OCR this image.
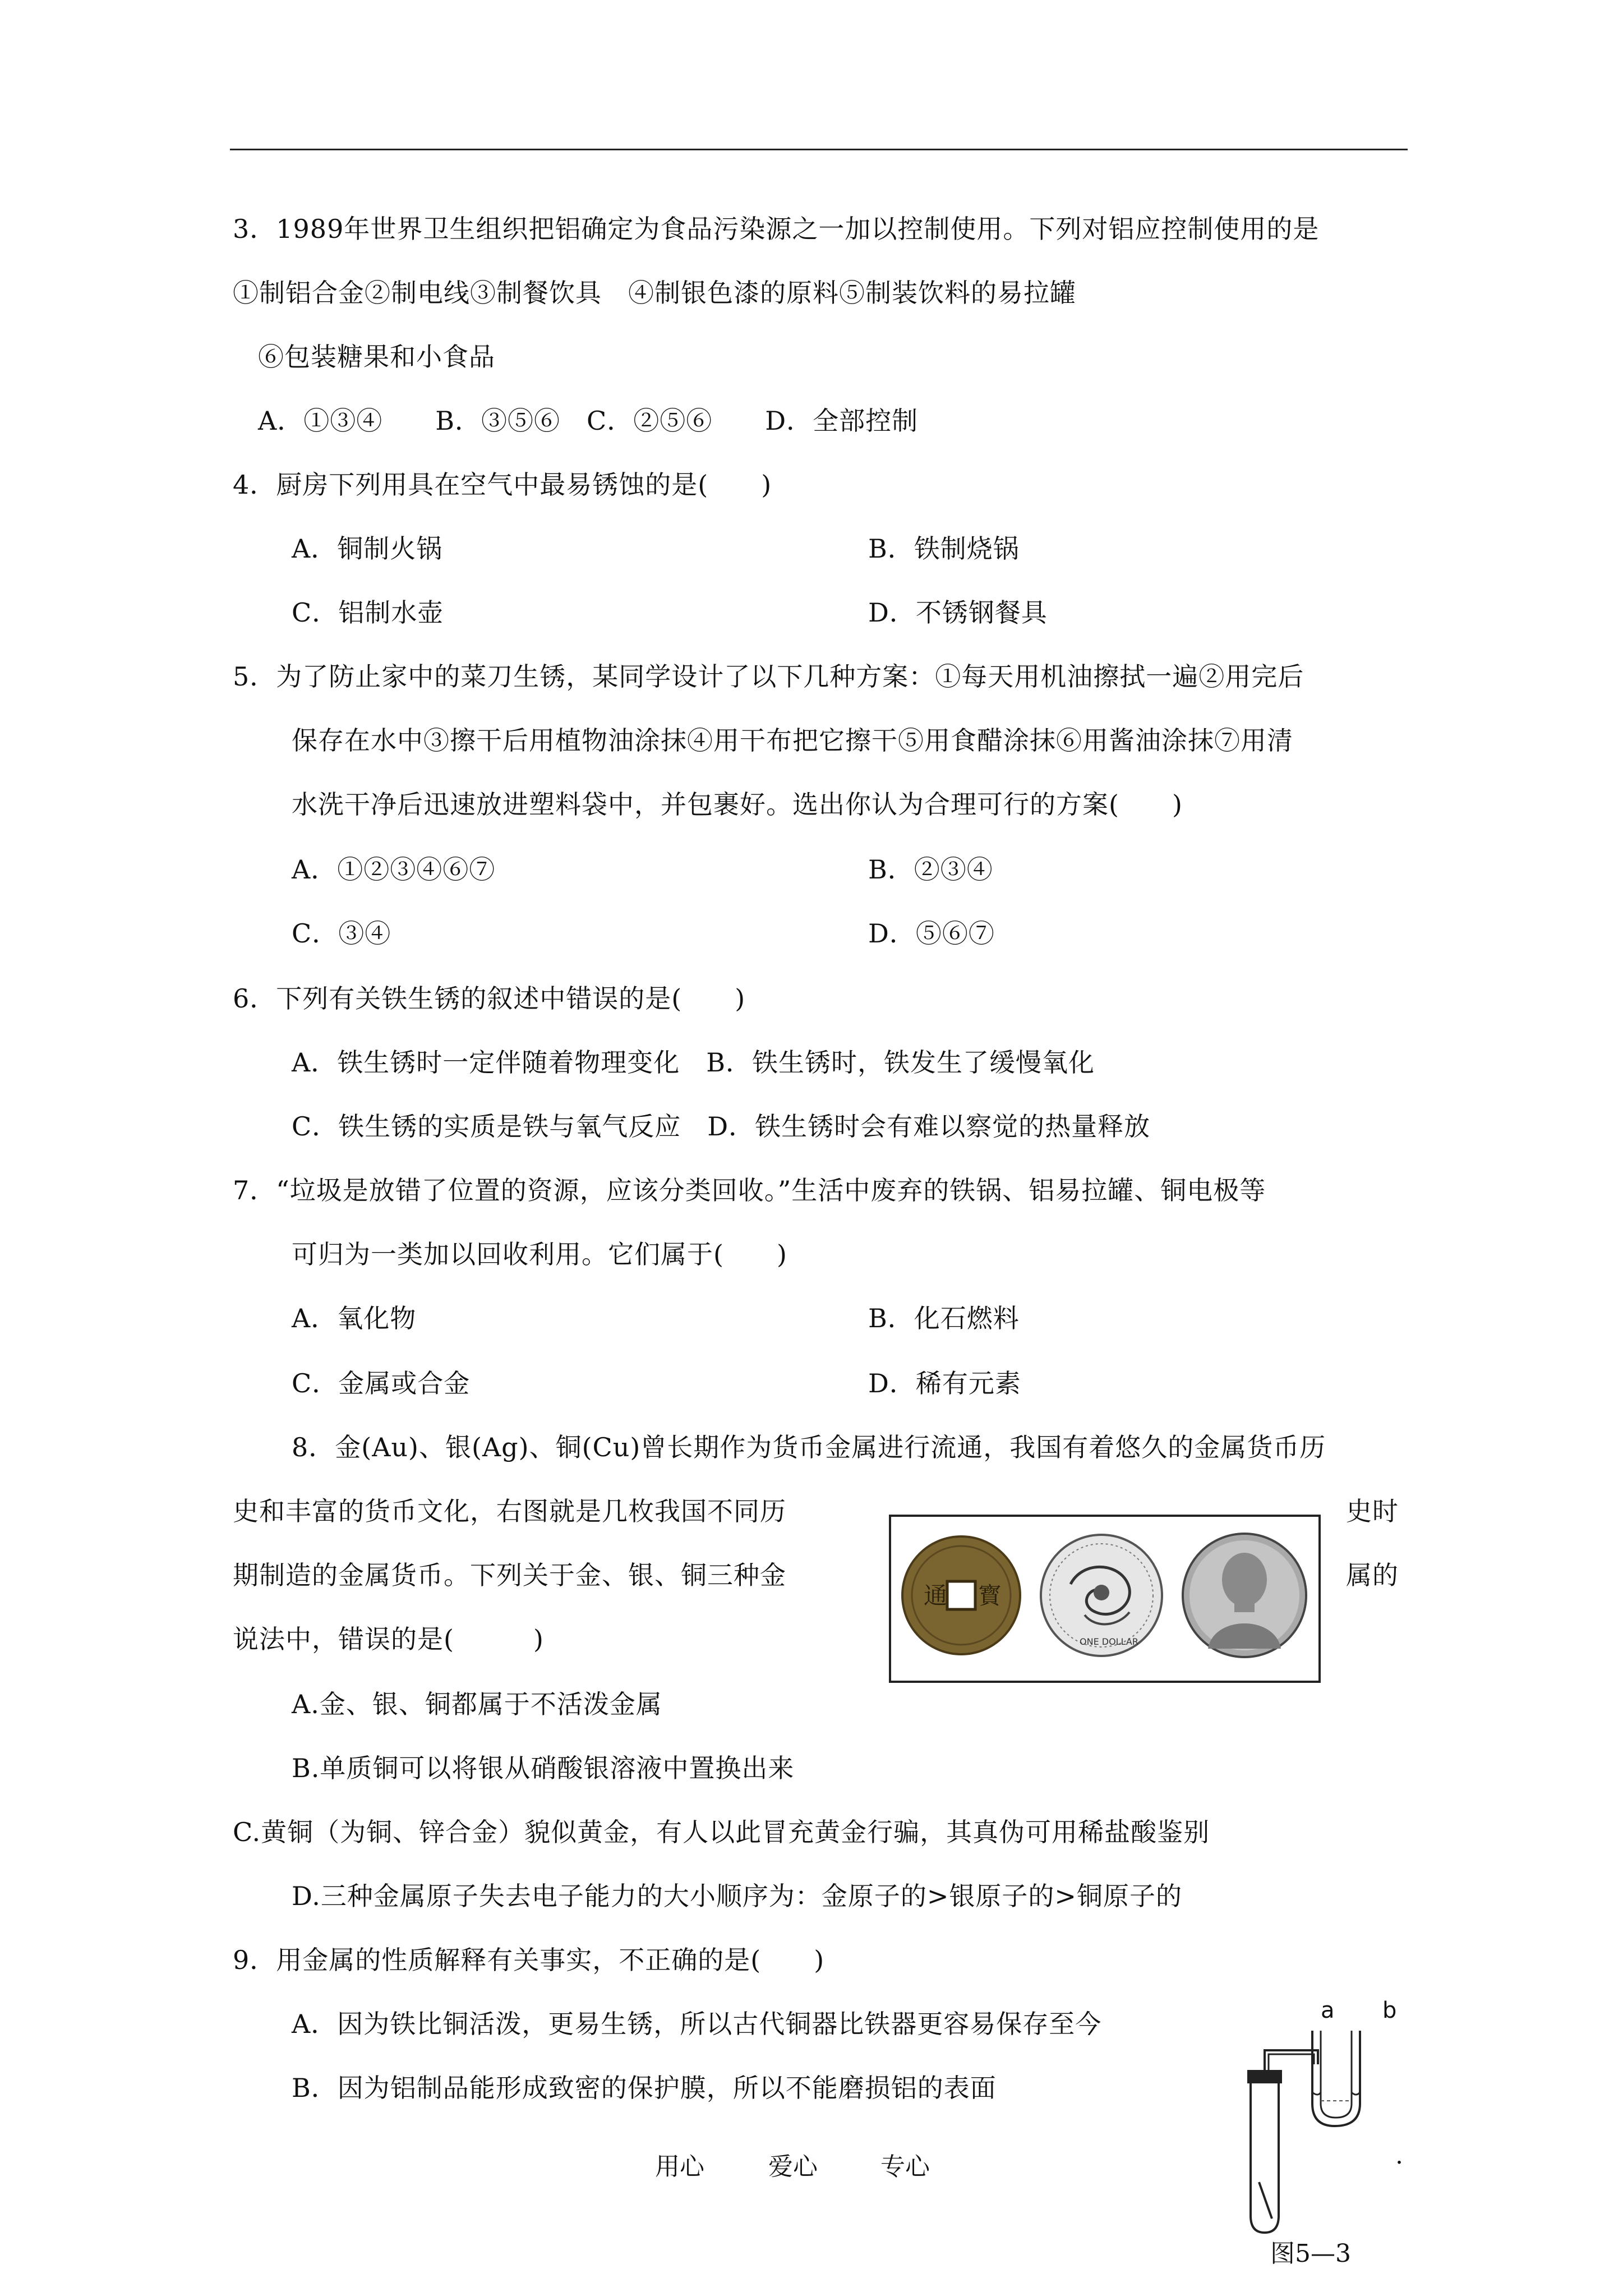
3．1989年世界卫生组织把铝确定为食品污染源之一加以控制使用。下列对铝应控制使用的是
①制铝合金②制电线③制餐饮具　④制银色漆的原料⑤制装饮料的易拉罐
⑥包装糖果和小食品
A．①③④　　B．③⑤⑥　C．②⑤⑥　　D．全部控制
4．厨房下列用具在空气中最易锈蚀的是(　　)
A．铜制火锅	B．铁制烧锅
C．铝制水壶	D．不锈钢餐具
5．为了防止家中的菜刀生锈，某同学设计了以下几种方案：①每天用机油擦拭一遍②用完后
保存在水中③擦干后用植物油涂抹④用干布把它擦干⑤用食醋涂抹⑥用酱油涂抹⑦用清
水洗干净后迅速放进塑料袋中，并包裹好。选出你认为合理可行的方案(　　)
A．①②③④⑥⑦	B．②③④
C．③④	D．⑤⑥⑦
6．下列有关铁生锈的叙述中错误的是(　　)
A．铁生锈时一定伴随着物理变化　B．铁生锈时，铁发生了缓慢氧化
C．铁生锈的实质是铁与氧气反应　D．铁生锈时会有难以察觉的热量释放
7．“垃圾是放错了位置的资源，应该分类回收。”生活中废弃的铁锅、铝易拉罐、铜电极等
可归为一类加以回收利用。它们属于(　　)
A．氧化物	B．化石燃料
C．金属或合金	D．稀有元素
8．金(Au)、银(Ag)、铜(Cu)曾长期作为货币金属进行流通，我国有着悠久的金属货币历
史和丰富的货币文化，右图就是几枚我国不同历	史时
期制造的金属货币。下列关于金、银、铜三种金	属的
说法中，错误的是(　　　)
通 寳
ONE DOLLAR
A.金、银、铜都属于不活泼金属
B.单质铜可以将银从硝酸银溶液中置换出来
C.黄铜（为铜、锌合金）貌似黄金，有人以此冒充黄金行骗，其真伪可用稀盐酸鉴别
D.三种金属原子失去电子能力的大小顺序为：金原子的>银原子的>铜原子的
9．用金属的性质解释有关事实，不正确的是(　　)
A．因为铁比铜活泼，更易生锈，所以古代铜器比铁器更容易保存至今
B．因为铝制品能形成致密的保护膜，所以不能磨损铝的表面
a b
图5—3
用心	爱心	专心	.
